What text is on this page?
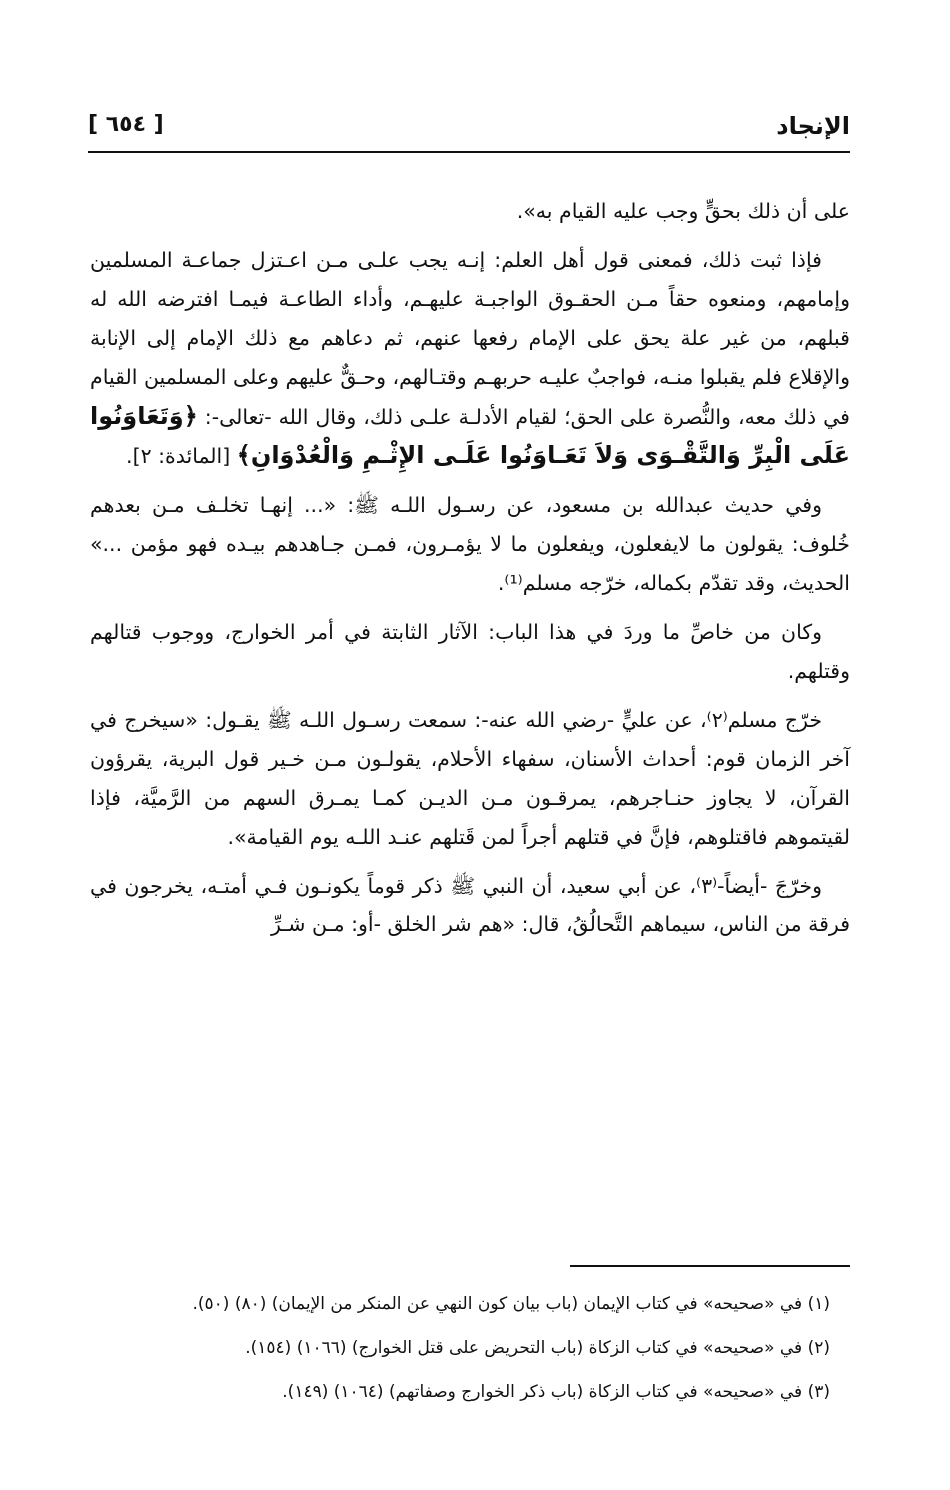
الإنجاد
[ ٦٥٤ ]

على أن ذلك بحقٍّ وجب عليه القيام به».

فإذا ثبت ذلك، فمعنى قول أهل العلم: إنـه يجب علـى مـن اعـتزل جماعـة المسلمين وإمامهم، ومنعوه حقاً مـن الحقـوق الواجبـة عليهـم، وأداء الطاعـة فيمـا افترضه الله له قبلهم، من غير علة يحق على الإمام رفعها عنهم، ثم دعاهم مع ذلك الإمام إلى الإنابة والإقلاع فلم يقبلوا منـه، فواجبٌ عليـه حربهـم وقتـالهم، وحـقٌّ عليهم وعلى المسلمين القيام في ذلك معه، والنُّصرة على الحق؛ لقيام الأدلـة علـى ذلك، وقال الله -تعالى-: ﴿وَتَعَاوَنُوا عَلَى الْبِرِّ وَالتَّقْـوَى وَلاَ تَعَـاوَنُوا عَلَـى الإِثْـمِ وَالْعُدْوَانِ﴾ [المائدة: ٢].

وفي حديث عبدالله بن مسعود، عن رسـول اللـه ﷺ: «... إنهـا تخلـف مـن بعدهم خُلوف: يقولون ما لايفعلون، ويفعلون ما لا يؤمـرون، فمـن جـاهدهم بيـده فهو مؤمن ...» الحديث، وقد تقدّم بكماله، خرّجه مسلم⁽¹⁾.

وكان من خاصِّ ما وردَ في هذا الباب: الآثار الثابتة في أمر الخوارج، ووجوب قتالهم وقتلهم.

خرّج مسلم⁽٢⁾، عن عليٍّ -رضي الله عنه-: سمعت رسـول اللـه ﷺ يقـول: «سيخرج في آخر الزمان قوم: أحداث الأسنان، سفهاء الأحلام، يقولـون مـن خـير قول البرية، يقرؤون القرآن، لا يجاوز حنـاجرهم، يمرقـون مـن الديـن كمـا يمـرق السهم من الرَّميَّة، فإذا لقيتموهم فاقتلوهم، فإنَّ في قتلهم أجراً لمن قَتلهم عنـد اللـه يوم القيامة».

وخرّجَ -أيضاً-⁽٣⁾، عن أبي سعيد، أن النبي ﷺ ذكر قوماً يكونـون فـي أمتـه، يخرجون في فرقة من الناس، سيماهم التَّحالُقُ، قال: «هم شر الخلق -أو: مـن شـرِّ

(١) في «صحيحه» في كتاب الإيمان (باب بيان كون النهي عن المنكر من الإيمان) (٨٠) (٥٠).
(٢) في «صحيحه» في كتاب الزكاة (باب التحريض على قتل الخوارج) (١٠٦٦) (١٥٤).
(٣) في «صحيحه» في كتاب الزكاة (باب ذكر الخوارج وصفاتهم) (١٠٦٤) (١٤٩).
